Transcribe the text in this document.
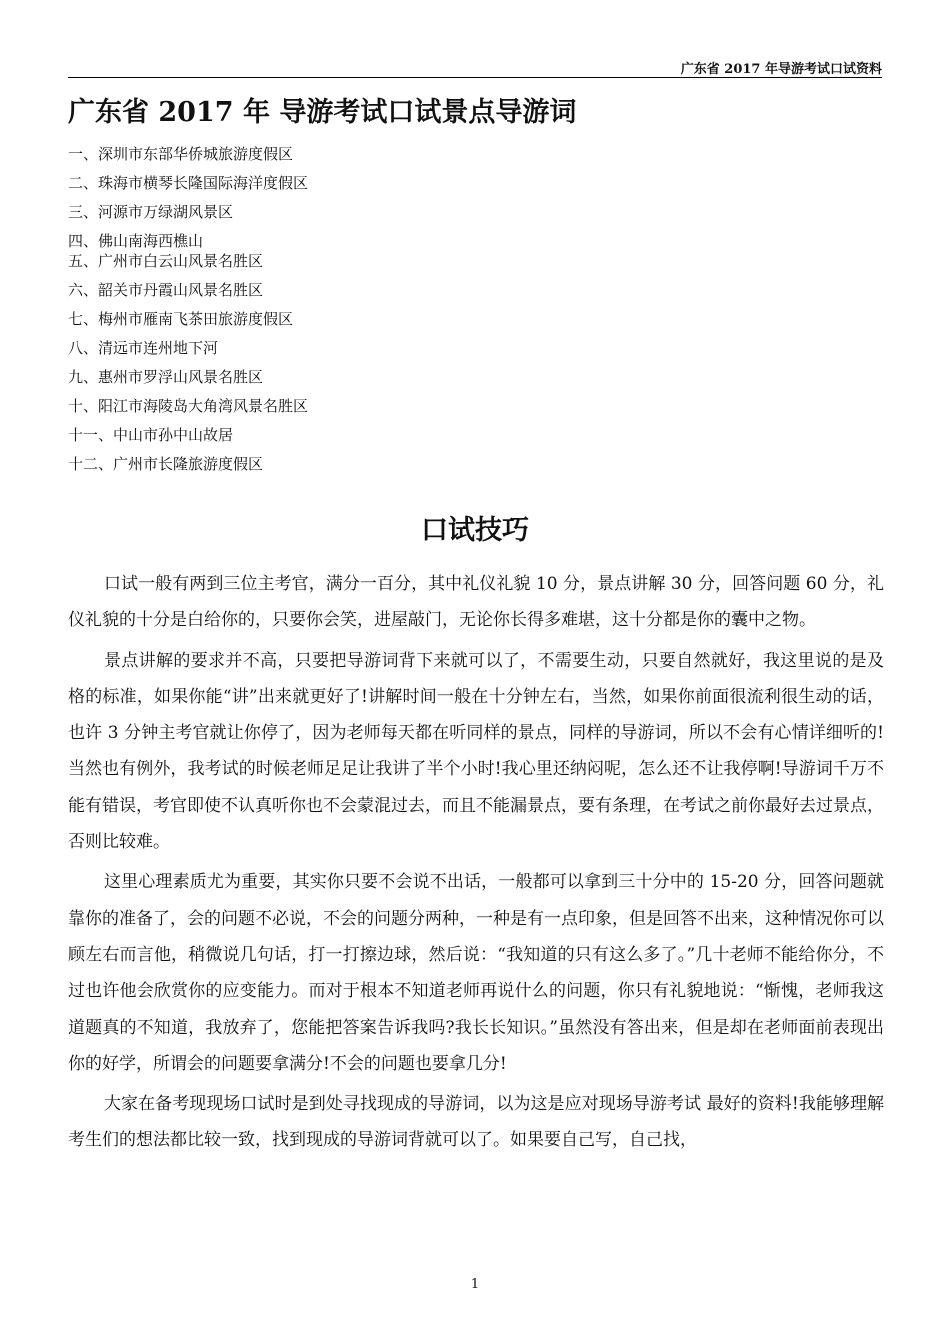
广东省 2017 年导游考试口试资料
广东省 2017 年 导游考试口试景点导游词
一、深圳市东部华侨城旅游度假区
二、珠海市横琴长隆国际海洋度假区
三、河源市万绿湖风景区
四、佛山南海西樵山
五、广州市白云山风景名胜区
六、韶关市丹霞山风景名胜区
七、梅州市雁南飞茶田旅游度假区
八、清远市连州地下河
九、惠州市罗浮山风景名胜区
十、阳江市海陵岛大角湾风景名胜区
十一、中山市孙中山故居
十二、广州市长隆旅游度假区
口试技巧

口试一般有两到三位主考官，满分一百分，其中礼仪礼貌 10 分，景点讲解 30 分，回答问题 60 分，礼仪礼貌的十分是白给你的，只要你会笑，进屋敲门，无论你长得多难堪，这十分都是你的囊中之物。

景点讲解的要求并不高，只要把导游词背下来就可以了，不需要生动，只要自然就好，我这里说的是及格的标准，如果你能“讲”出来就更好了!讲解时间一般在十分钟左右，当然，如果你前面很流利很生动的话，也许 3 分钟主考官就让你停了，因为老师每天都在听同样的景点，同样的导游词，所以不会有心情详细听的!当然也有例外，我考试的时候老师足足让我讲了半个小时!我心里还纳闷呢，怎么还不让我停啊!导游词千万不能有错误，考官即使不认真听你也不会蒙混过去，而且不能漏景点，要有条理，在考试之前你最好去过景点，否则比较难。

这里心理素质尤为重要，其实你只要不会说不出话，一般都可以拿到三十分中的 15-20 分，回答问题就靠你的准备了，会的问题不必说，不会的问题分两种，一种是有一点印象，但是回答不出来，这种情况你可以顾左右而言他，稍微说几句话，打一打擦边球，然后说：“我知道的只有这么多了。”几十老师不能给你分，不过也许他会欣赏你的应变能力。而对于根本不知道老师再说什么的问题，你只有礼貌地说：“惭愧，老师我这道题真的不知道，我放弃了，您能把答案告诉我吗?我长长知识。”虽然没有答出来，但是却在老师面前表现出你的好学，所谓会的问题要拿满分!不会的问题也要拿几分!

大家在备考现现场口试时是到处寻找现成的导游词，以为这是应对现场导游考试 最好的资料!我能够理解考生们的想法都比较一致，找到现成的导游词背就可以了。如果要自己写，自己找，

1
